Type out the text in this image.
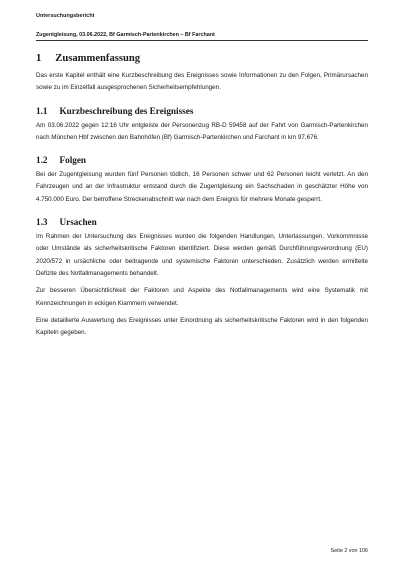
Untersuchungsbericht
Zugentgleisung, 03.06.2022, Bf Garmisch-Partenkirchen – Bf Farchant
1 Zusammenfassung

Das erste Kapitel enthält eine Kurzbeschreibung des Ereignisses sowie Informationen zu den Folgen, Primärursachen sowie zu im Einzelfall ausgesprochenen Sicherheitsempfehlungen.

1.1 Kurzbeschreibung des Ereignisses

Am 03.06.2022 gegen 12:16 Uhr entgleiste der Personenzug RB-D 59458 auf der Fahrt von Garmisch-Partenkirchen nach München Hbf zwischen den Bahnhöfen (Bf) Garmisch-Partenkirchen und Farchant in km 97,676.

1.2 Folgen

Bei der Zugentgleisung wurden fünf Personen tödlich, 16 Personen schwer und 62 Personen leicht verletzt. An den Fahrzeugen und an der Infrastruktur entstand durch die Zugentgleisung ein Sachschaden in geschätzter Höhe von 4.750.000 Euro. Der betroffene Streckenabschnitt war nach dem Ereignis für mehrere Monate gesperrt.

1.3 Ursachen

Im Rahmen der Untersuchung des Ereignisses wurden die folgenden Handlungen, Unterlassungen, Vorkommnisse oder Umstände als sicherheitskritische Faktoren identifiziert. Diese werden gemäß Durchführungsverordnung (EU) 2020/572 in ursächliche oder beitragende und systemische Faktoren unterschieden. Zusätzlich werden ermittelte Defizite des Notfallmanagements behandelt.

Zur besseren Übersichtlichkeit der Faktoren und Aspekte des Notfallmanagements wird eine Systematik mit Kennzeichnungen in eckigen Klammern verwendet.

Eine detaillierte Auswertung des Ereignisses unter Einordnung als sicherheitskritische Faktoren wird in den folgenden Kapiteln gegeben.

Seite 2 von 106
